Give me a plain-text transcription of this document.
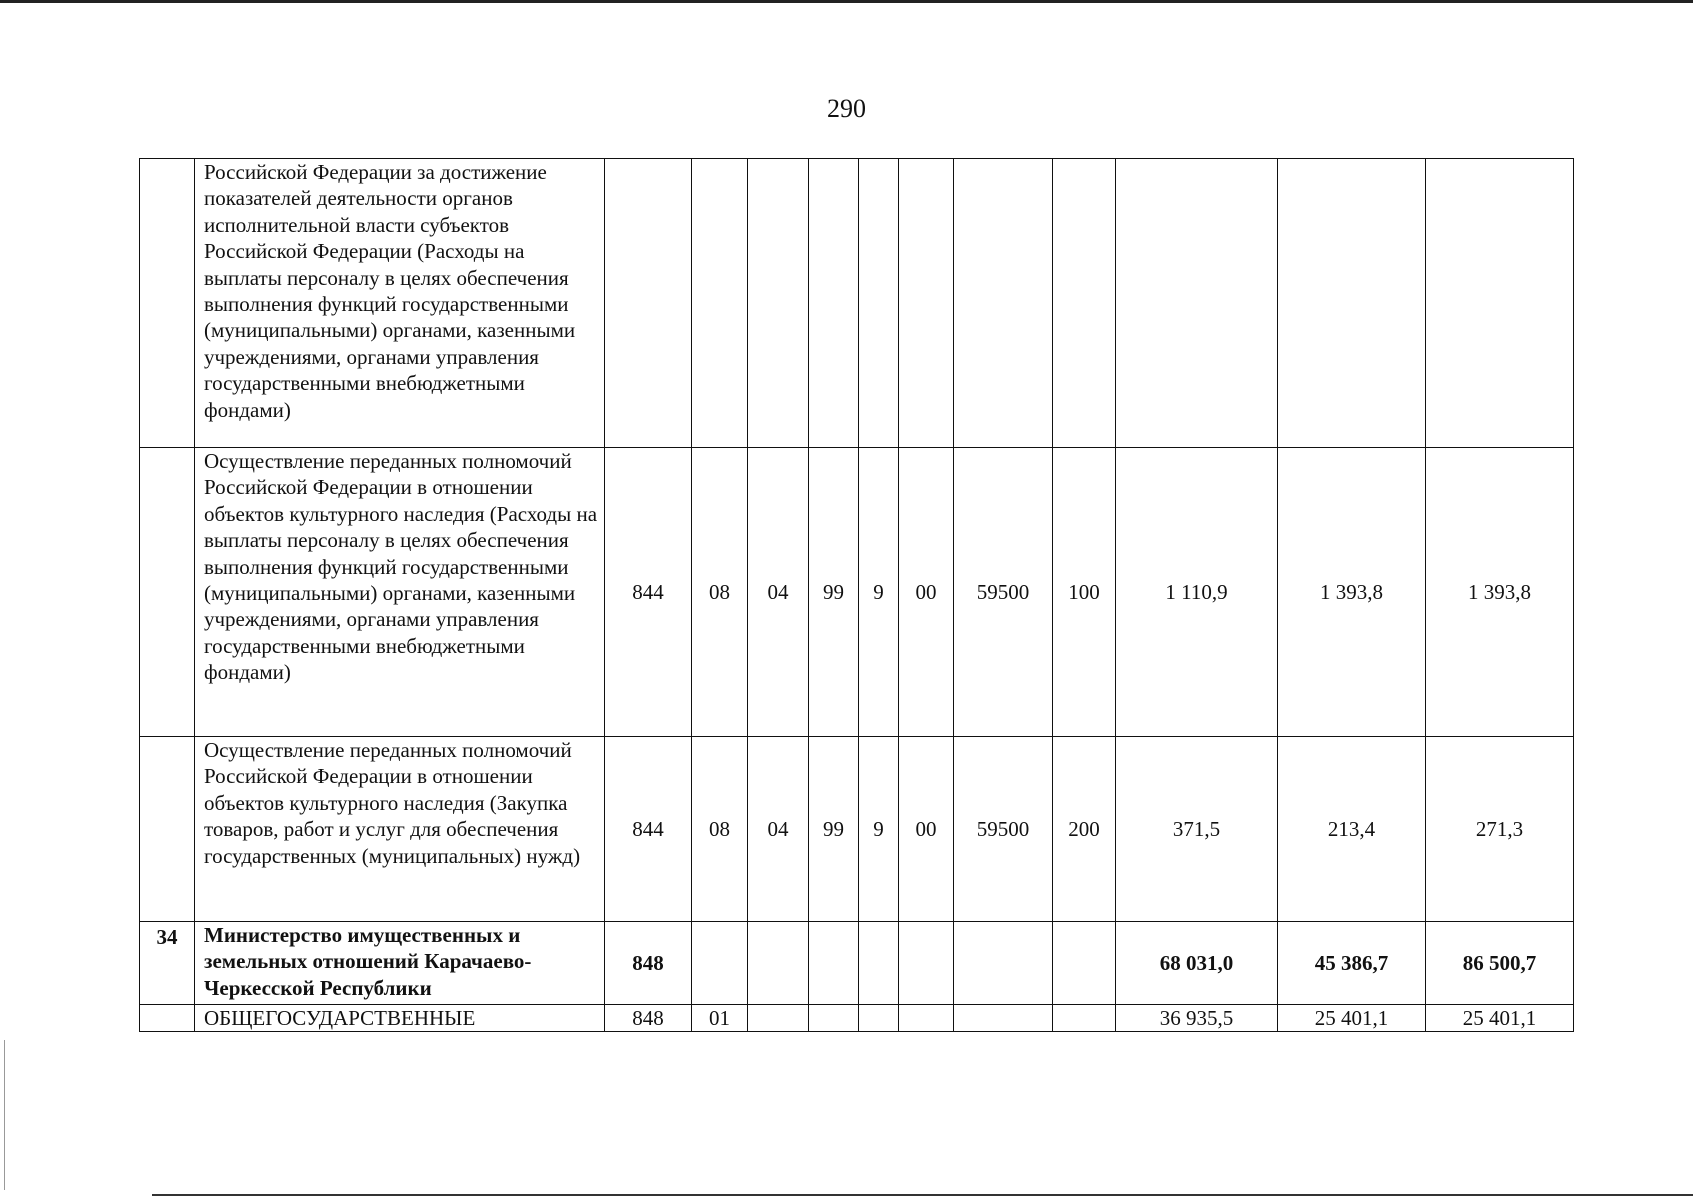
290
	Российской Федерации за достижение показателей деятельности органов исполнительной власти субъектов Российской Федерации (Расходы на выплаты персоналу в целях обеспечения выполнения функций государственными (муниципальными) органами, казенными учреждениями, органами управления государственными внебюджетными фондами)											
	Осуществление переданных полномочий Российской Федерации в отношении объектов культурного наследия (Расходы на выплаты персоналу в целях обеспечения выполнения функций государственными (муниципальными) органами, казенными учреждениями, органами управления государственными внебюджетными фондами)	844	08	04	99	9	00	59500	100	1 110,9	1 393,8	1 393,8
	Осуществление переданных полномочий Российской Федерации в отношении объектов культурного наследия (Закупка товаров, работ и услуг для обеспечения государственных (муниципальных) нужд)	844	08	04	99	9	00	59500	200	371,5	213,4	271,3
34	Министерство имущественных и земельных отношений Карачаево-Черкесской Республики	848								68 031,0	45 386,7	86 500,7
	ОБЩЕГОСУДАРСТВЕННЫЕ	848	01							36 935,5	25 401,1	25 401,1
